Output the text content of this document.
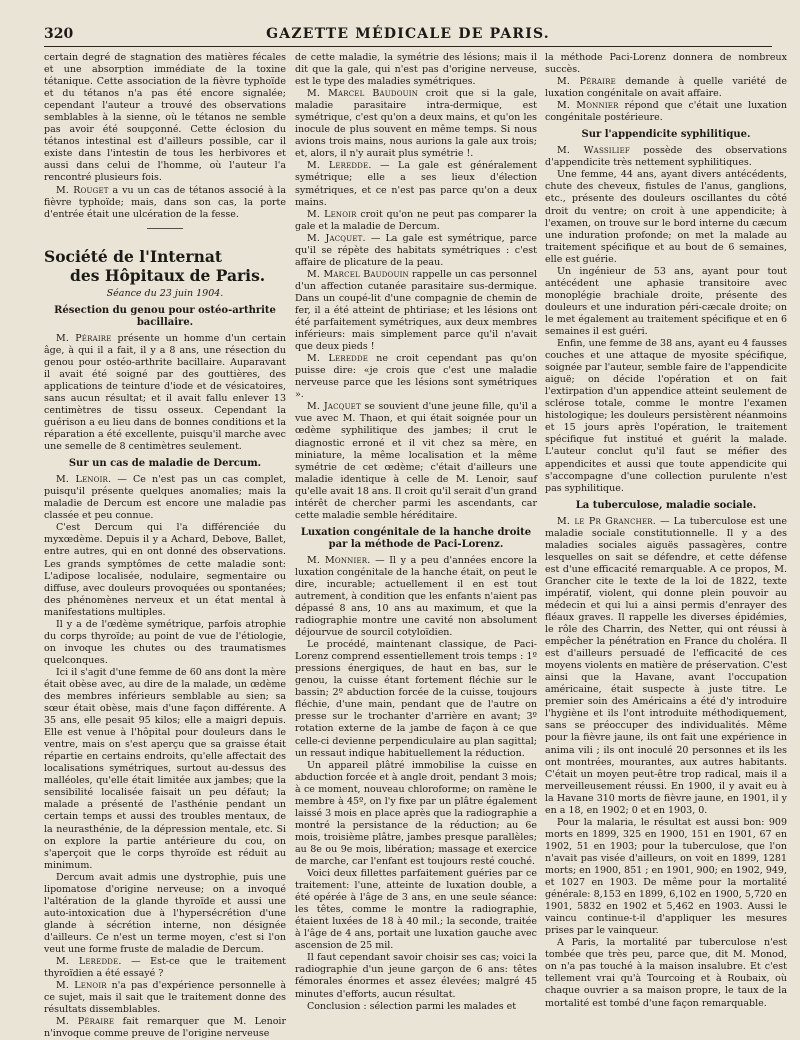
320	GAZETTE MÉDICALE DE PARIS.

certain degré de stagnation des matières fécales et une absorption immédiate de la toxine tétanique. Cette association de la fièvre typhoïde et du tétanos n'a pas été encore signalée; cependant l'auteur a trouvé des observations semblables à la sienne, où le tétanos ne semble pas avoir été soupçonné. Cette éclosion du tétanos intestinal est d'ailleurs possible, car il existe dans l'intestin de tous les herbivores et aussi dans celui de l'homme, où l'auteur l'a rencontré plusieurs fois.

M. Rouget a vu un cas de tétanos associé à la fièvre typhoïde; mais, dans son cas, la porte d'entrée était une ulcération de la fesse.

Société de l'Internat
des Hôpitaux de Paris.

Séance du 23 juin 1904.

Résection du genou pour ostéo-arthrite bacillaire.

M. Péraire présente un homme d'un certain âge, à qui il a fait, il y a 8 ans, une résection du genou pour ostéo-arthrite bacillaire. Auparavant il avait été soigné par des gouttières, des applications de teinture d'iode et de vésicatoires, sans aucun résultat; et il avait fallu enlever 13 centimètres de tissu osseux. Cependant la guérison a eu lieu dans de bonnes conditions et la réparation a été excellente, puisqu'il marche avec une semelle de 8 centimètres seulement.

Sur un cas de maladie de Dercum.

M. Lenoir. — Ce n'est pas un cas complet, puisqu'il présente quelques anomalies; mais la maladie de Dercum est encore une maladie pas classée et peu connue.

C'est Dercum qui l'a différenciée du myxœdème. Depuis il y a Achard, Debove, Ballet, entre autres, qui en ont donné des observations. Les grands symptômes de cette maladie sont: L'adipose localisée, nodulaire, segmentaire ou diffuse, avec douleurs provoquées ou spontanées; des phénomènes nerveux et un état mental à manifestations multiples.

Il y a de l'œdème symétrique, parfois atrophie du corps thyroïde; au point de vue de l'étiologie, on invoque les chutes ou des traumatismes quelconques.

Ici il s'agit d'une femme de 60 ans dont la mère était obèse avec, au dire de la malade, un œdème des membres inférieurs semblable au sien; sa sœur était obèse, mais d'une façon différente. A 35 ans, elle pesait 95 kilos; elle a maigri depuis. Elle est venue à l'hôpital pour douleurs dans le ventre, mais on s'est aperçu que sa graisse était répartie en certains endroits, qu'elle affectait des localisations symétriques, surtout au-dessus des malléoles, qu'elle était limitée aux jambes; que la sensibilité localisée faisait un peu défaut; la malade a présenté de l'asthénie pendant un certain temps et aussi des troubles mentaux, de la neurasthénie, de la dépression mentale, etc. Si on explore la partie antérieure du cou, on s'aperçoit que le corps thyroïde est réduit au minimum.

Dercum avait admis une dystrophie, puis une lipomatose d'origine nerveuse; on a invoqué l'altération de la glande thyroïde et aussi une auto-intoxication due à l'hypersécrétion d'une glande à sécrétion interne, non désignée d'ailleurs. Ce n'est un terme moyen, c'est si l'on veut une forme fruste de maladie de Dercum.

M. Leredde. — Est-ce que le traitement thyroïdien a été essayé ?

M. Lenoir n'a pas d'expérience personnelle à ce sujet, mais il sait que le traitement donne des résultats dissemblables.

M. Péraire fait remarquer que M. Lenoir n'invoque comme preuve de l'origine nerveuse

de cette maladie, la symétrie des lésions; mais il dit que la gale, qui n'est pas d'origine nerveuse, est le type des maladies symétriques.

M. Marcel Baudouin croit que si la gale, maladie parasitaire intra-dermique, est symétrique, c'est qu'on a deux mains, et qu'on les inocule de plus souvent en même temps. Si nous avions trois mains, nous aurions la gale aux trois; et, alors, il n'y aurait plus symétrie !.

M. Leredde. — La gale est généralement symétrique; elle a ses lieux d'élection symétriques, et ce n'est pas parce qu'on a deux mains.

M. Lenoir croit qu'on ne peut pas comparer la gale et la maladie de Dercum.

M. Jacquet. — La gale est symétrique, parce qu'il se répète des habitats symétriques : c'est affaire de plicature de la peau.

M. Marcel Baudouin rappelle un cas personnel d'un affection cutanée parasitaire sus-dermique. Dans un coupé-lit d'une compagnie de chemin de fer, il a été atteint de phtiriase; et les lésions ont été parfaitement symétriques, aux deux membres inférieurs: mais simplement parce qu'il n'avait que deux pieds !

M. Leredde ne croit cependant pas qu'on puisse dire: «je crois que c'est une maladie nerveuse parce que les lésions sont symétriques ».

M. Jacquet se souvient d'une jeune fille, qu'il a vue avec M. Thaon, et qui était soignée pour un œdème syphilitique des jambes; il crut le diagnostic erroné et il vit chez sa mère, en miniature, la même localisation et la même symétrie de cet œdème; c'était d'ailleurs une maladie identique à celle de M. Lenoir, sauf qu'elle avait 18 ans. Il croit qu'il serait d'un grand intérêt de chercher parmi les ascendants, car cette maladie semble héréditaire.

Luxation congénitale de la hanche droite par la méthode de Paci-Lorenz.

M. Monnier. — Il y a peu d'années encore la luxation congénitale de la hanche était, on peut le dire, incurable; actuellement il en est tout autrement, à condition que les enfants n'aient pas dépassé 8 ans, 10 ans au maximum, et que la radiographie montre une cavité non absolument déjourvue de sourcil cotyloïdien.

Le procédé, maintenant classique, de Paci-Lorenz comprend essentiellement trois temps : 1º pressions énergiques, de haut en bas, sur le genou, la cuisse étant fortement fléchie sur le bassin; 2º abduction forcée de la cuisse, toujours fléchie, d'une main, pendant que de l'autre on presse sur le trochanter d'arrière en avant; 3º rotation externe de la jambe de façon à ce que celle-ci devienne perpendiculaire au plan sagittal; un ressaut indique habituellement la réduction.

Un appareil plâtré immobilise la cuisse en abduction forcée et à angle droit, pendant 3 mois; à ce moment, nouveau chloroforme; on ramène le membre à 45º, on l'y fixe par un plâtre également laissé 3 mois en place après que la radiographie a montré la persistance de la réduction; au 6e mois, troisième plâtre, jambes presque parallèles; au 8e ou 9e mois, libération; massage et exercice de marche, car l'enfant est toujours resté couché.

Voici deux fillettes parfaitement guéries par ce traitement: l'une, atteinte de luxation double, a été opérée à l'âge de 3 ans, en une seule séance: les têtes, comme le montre la radiographie, étaient luxées de 18 à 40 mil.; la seconde, traitée à l'âge de 4 ans, portait une luxation gauche avec ascension de 25 mil.

Il faut cependant savoir choisir ses cas; voici la radiographie d'un jeune garçon de 6 ans: têtes fémorales énormes et assez élevées; malgré 45 minutes d'efforts, aucun résultat.

Conclusion : sélection parmi les malades et

la méthode Paci-Lorenz donnera de nombreux succès.

M. Péraire demande à quelle variété de luxation congénitale on avait affaire.

M. Monnier répond que c'était une luxation congénitale postérieure.

Sur l'appendicite syphilitique.

M. Wassilief possède des observations d'appendicite très nettement syphilitiques.

Une femme, 44 ans, ayant divers antécédents, chute des cheveux, fistules de l'anus, ganglions, etc., présente des douleurs oscillantes du côté droit du ventre; on croit à une appendicite; à l'examen, on trouve sur le bord interne du cæcum une induration profonde; on met la malade au traitement spécifique et au bout de 6 semaines, elle est guérie.

Un ingénieur de 53 ans, ayant pour tout antécédent une aphasie transitoire avec monoplégie brachiale droite, présente des douleurs et une induration péri-cæcale droite; on le met également au traitement spécifique et en 6 semaines il est guéri.

Enfin, une femme de 38 ans, ayant eu 4 fausses couches et une attaque de myosite spécifique, soignée par l'auteur, semble faire de l'appendicite aiguë; on décide l'opération et on fait l'extirpation d'un appendice atteint seulement de sclérose totale, comme le montre l'examen histologique; les douleurs persistèrent néanmoins et 15 jours après l'opération, le traitement spécifique fut institué et guérit la malade. L'auteur conclut qu'il faut se méfier des appendicites et aussi que toute appendicite qui s'accompagne d'une collection purulente n'est pas syphilitique.

La tuberculose, maladie sociale.

M. le Pr Grancher. — La tuberculose est une maladie sociale constitutionnelle. Il y a des maladies sociales aiguës passagères, contre lesquelles on sait se défendre, et cette défense est d'une efficacité remarquable. A ce propos, M. Grancher cite le texte de la loi de 1822, texte impératif, violent, qui donne plein pouvoir au médecin et qui lui a ainsi permis d'enrayer des fléaux graves. Il rappelle les diverses épidémies, le rôle des Charrin, des Netter, qui ont réussi à empêcher la pénétration en France du choléra. Il est d'ailleurs persuadé de l'efficacité de ces moyens violents en matière de préservation. C'est ainsi que la Havane, avant l'occupation américaine, était suspecte à juste titre. Le premier soin des Américains a été d'y introduire l'hygiène et ils l'ont introduite méthodiquement, sans se préoccuper des individualités. Même pour la fièvre jaune, ils ont fait une expérience in anima vili ; ils ont inoculé 20 personnes et ils les ont montrées, mourantes, aux autres habitants. C'était un moyen peut-être trop radical, mais il a merveilleusement réussi. En 1900, il y avait eu à la Havane 310 morts de fièvre jaune, en 1901, il y en a 18, en 1902; 0 et en 1903, 0.

Pour la malaria, le résultat est aussi bon: 909 morts en 1899, 325 en 1900, 151 en 1901, 67 en 1902, 51 en 1903; pour la tuberculose, que l'on n'avait pas visée d'ailleurs, on voit en 1899, 1281 morts; en 1900, 851 ; en 1901, 900; en 1902, 949, et 1027 en 1903. De même pour la mortalité générale: 8,153 en 1899, 6,102 en 1900, 5,720 en 1901, 5832 en 1902 et 5,462 en 1903. Aussi le vaincu continue-t-il d'appliquer les mesures prises par le vainqueur.

A Paris, la mortalité par tuberculose n'est tombée que très peu, parce que, dit M. Monod, on n'a pas touché à la maison insalubre. Et c'est tellement vrai qu'à Tourcoing et à Roubaix, où chaque ouvrier a sa maison propre, le taux de la mortalité est tombé d'une façon remarquable.
